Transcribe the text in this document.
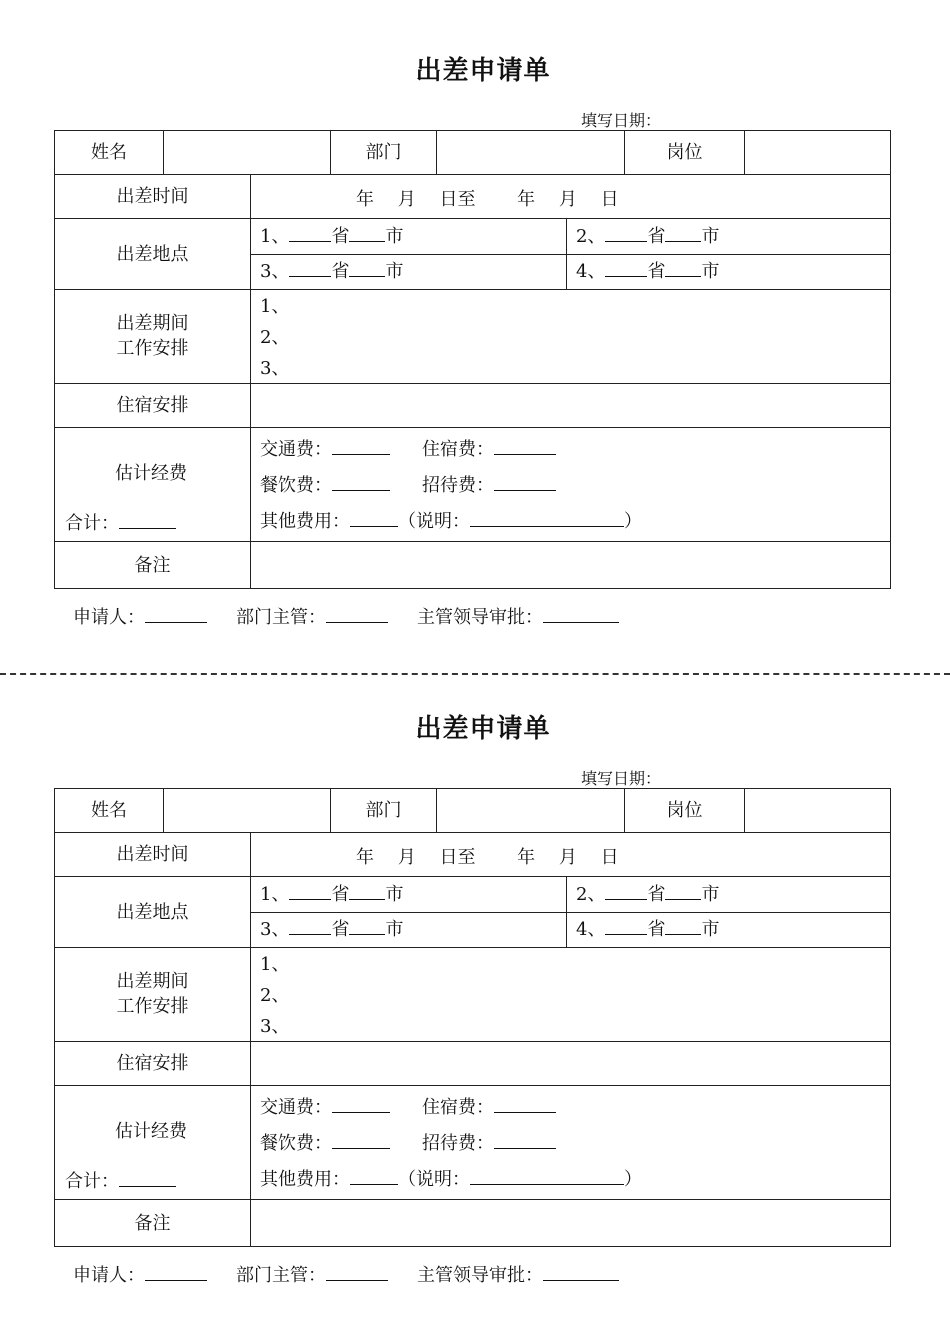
出差申请单
填写日期：
姓名	部门	岗位
出差时间	年　 月　 日至　　 年　 月　 日
出差地点
1、 省 市	2、 省 市
3、 省 市	4、 省 市
出差期间
工作安排
1、
2、
3、
住宿安排
估计经费
合计：
交通费：	住宿费：
餐饮费：	招待费：
其他费用：	（说明：	）
备注
申请人：	部门主管：	主管领导审批：
出差申请单
填写日期：
姓名	部门	岗位
出差时间	年　 月　 日至　　 年　 月　 日
出差地点
1、 省 市	2、 省 市
3、 省 市	4、 省 市
出差期间
工作安排
1、
2、
3、
住宿安排
估计经费
合计：
交通费：	住宿费：
餐饮费：	招待费：
其他费用：	（说明：	）
备注
申请人：	部门主管：	主管领导审批：
